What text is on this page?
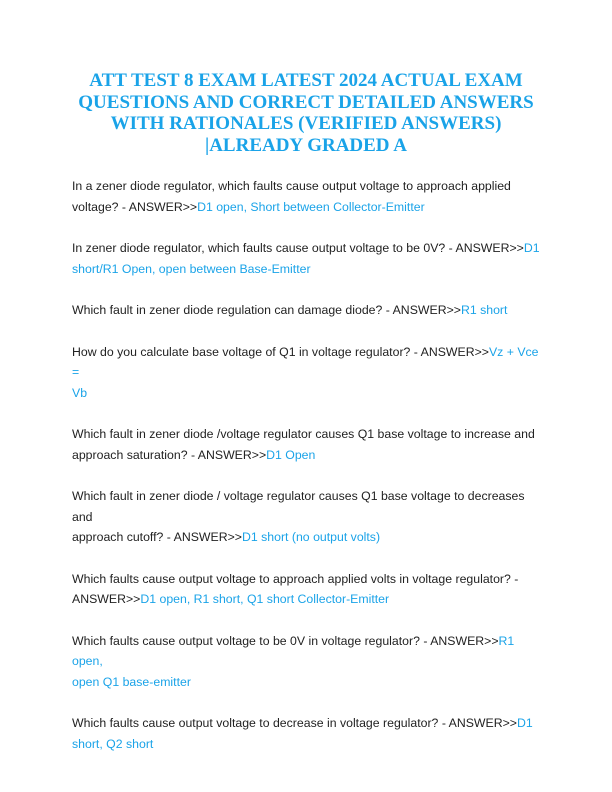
ATT TEST 8 EXAM LATEST 2024 ACTUAL EXAM
QUESTIONS AND CORRECT DETAILED ANSWERS
WITH RATIONALES (VERIFIED ANSWERS)
|ALREADY GRADED A
In a zener diode regulator, which faults cause output voltage to approach applied
voltage? - ANSWER>>D1 open, Short between Collector-Emitter
In zener diode regulator, which faults cause output voltage to be 0V? - ANSWER>>D1
short/R1 Open, open between Base-Emitter
Which fault in zener diode regulation can damage diode? - ANSWER>>R1 short
How do you calculate base voltage of Q1 in voltage regulator? - ANSWER>>Vz + Vce =
Vb
Which fault in zener diode /voltage regulator causes Q1 base voltage to increase and
approach saturation? - ANSWER>>D1 Open
Which fault in zener diode / voltage regulator causes Q1 base voltage to decreases and
approach cutoff? - ANSWER>>D1 short (no output volts)
Which faults cause output voltage to approach applied volts in voltage regulator? -
ANSWER>>D1 open, R1 short, Q1 short Collector-Emitter
Which faults cause output voltage to be 0V in voltage regulator? - ANSWER>>R1 open,
open Q1 base-emitter
Which faults cause output voltage to decrease in voltage regulator? - ANSWER>>D1
short, Q2 short
